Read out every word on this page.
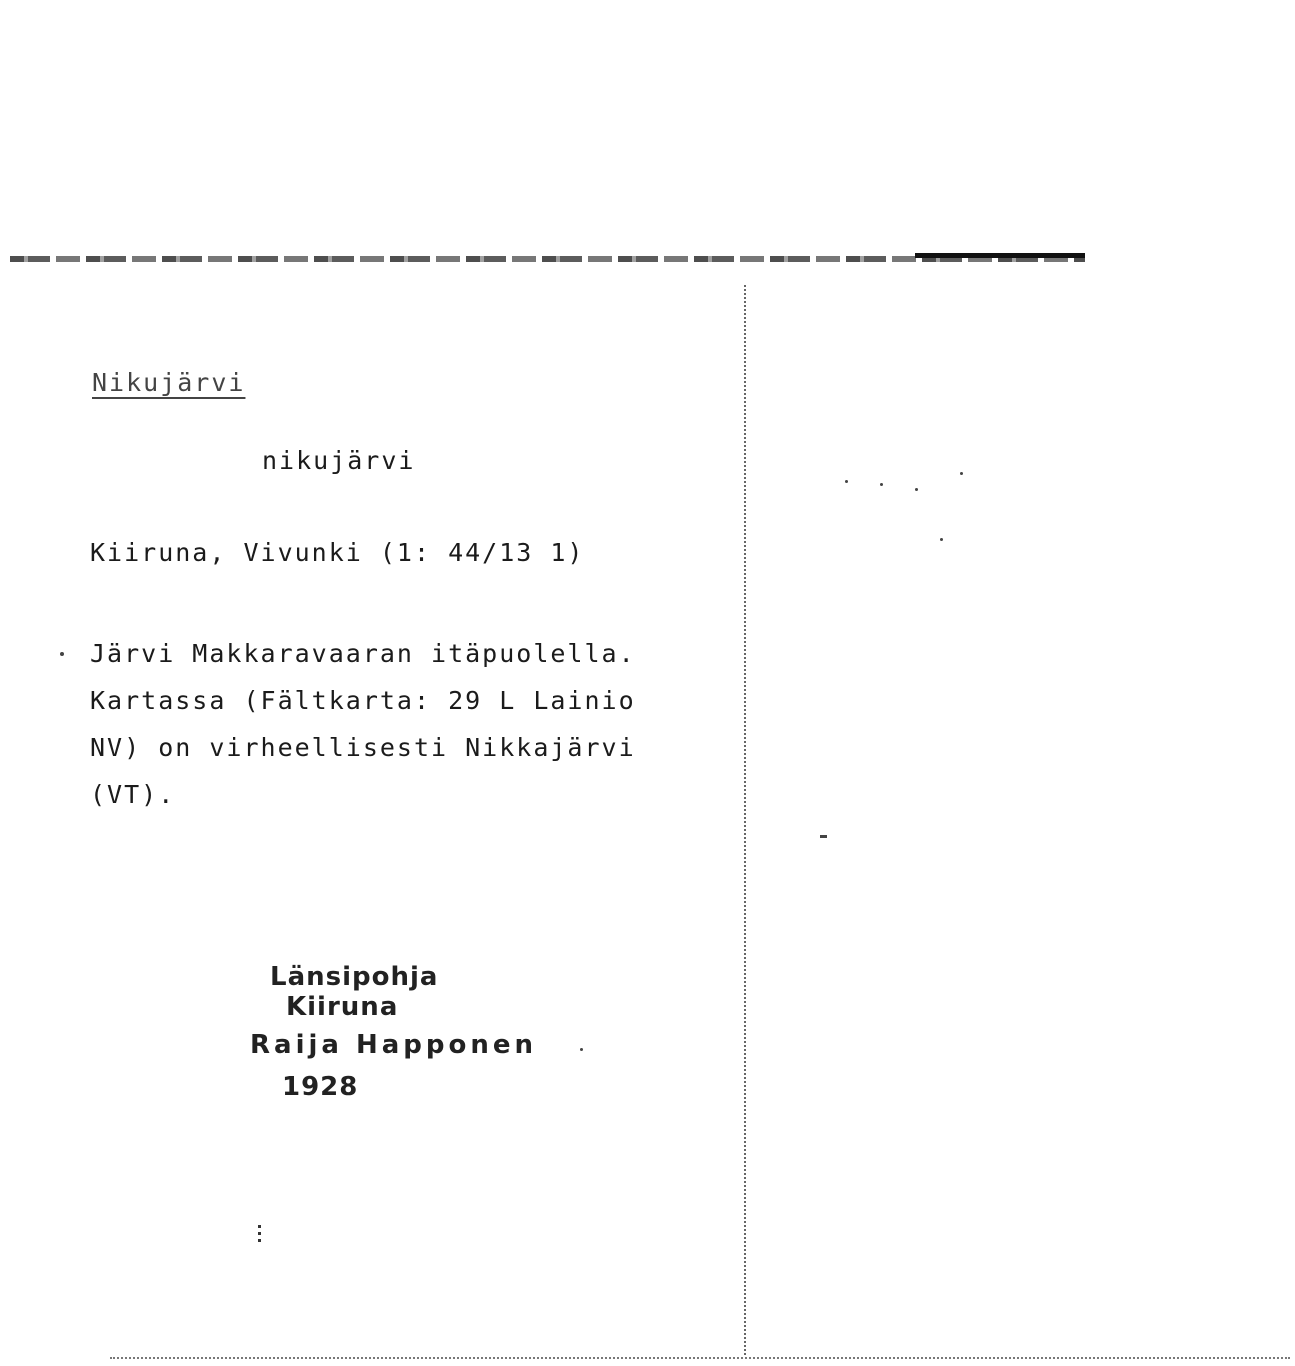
Nikujärvi

nikujärvi

Kiiruna, Vivunki (1: 44/13 1)

Järvi Makkaravaaran itäpuolella.
Kartassa (Fältkarta: 29 L Lainio
NV) on virheellisesti Nikkajärvi
(VT).

Länsipohja

Kiiruna

Raija Happonen

1928
